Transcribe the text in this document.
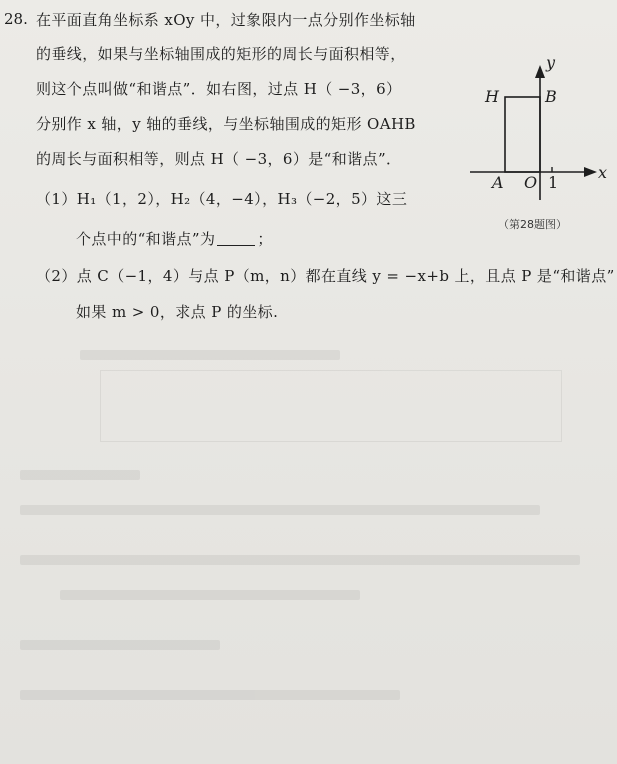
28. 在平面直角坐标系 xOy 中，过象限内一点分别作坐标轴
的垂线，如果与坐标轴围成的矩形的周长与面积相等，
则这个点叫做“和谐点”．如右图，过点 H（ −3，6）
分别作 x 轴，y 轴的垂线，与坐标轴围成的矩形 OAHB
的周长与面积相等，则点 H（ −3，6）是“和谐点”．
（1）H₁（1，2），H₂（4，−4），H₃（−2，5）这三
个点中的“和谐点”为	；
（2）点 C（−1，4）与点 P（m，n）都在直线 y = −x+b 上，且点 P 是“和谐点”
如果 m > 0，求点 P 的坐标.
y
x
H	B
A O 1
（第28题图）
